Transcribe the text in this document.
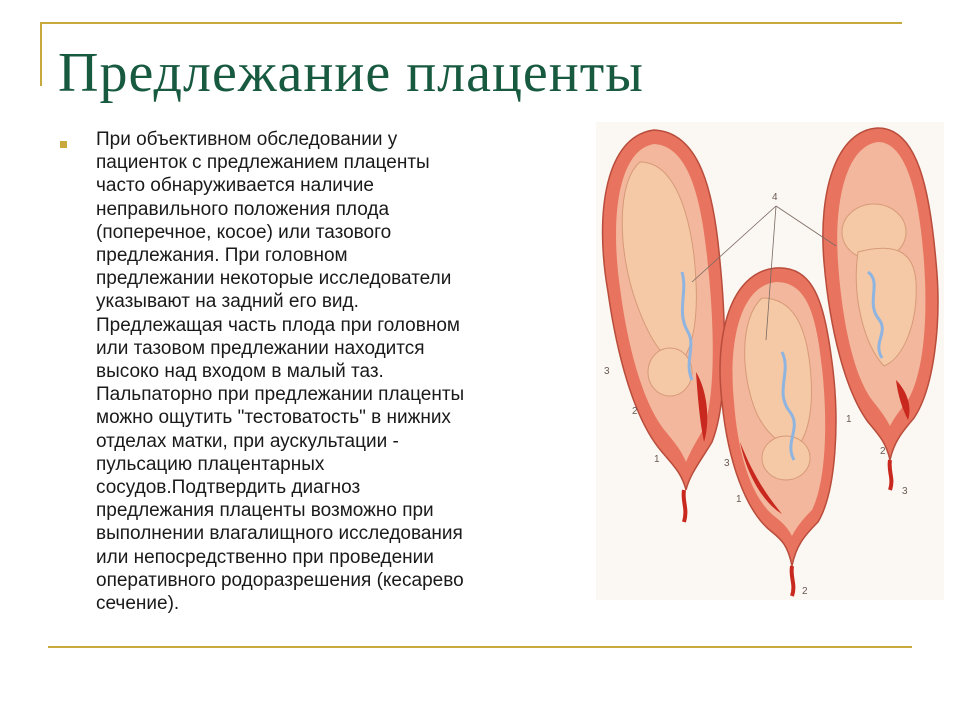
Предлежание плаценты

При объективном обследовании у
пациенток с предлежанием плаценты
часто обнаруживается наличие
неправильного положения плода
(поперечное, косое) или тазового
предлежания. При головном
предлежании некоторые исследователи
указывают на задний его вид.
Предлежащая часть плода при головном
или тазовом предлежании находится
высоко над входом в малый таз.
Пальпаторно при предлежании плаценты
можно ощутить "тестоватость" в нижних
отделах матки, при аускультации -
пульсацию плацентарных
сосудов.Подтвердить диагноз
предлежания плаценты возможно при
выполнении влагалищного исследования
или непосредственно при проведении
оперативного родоразрешения (кесарево
сечение).

4
3
2
1	3
1
2
1
2
3
